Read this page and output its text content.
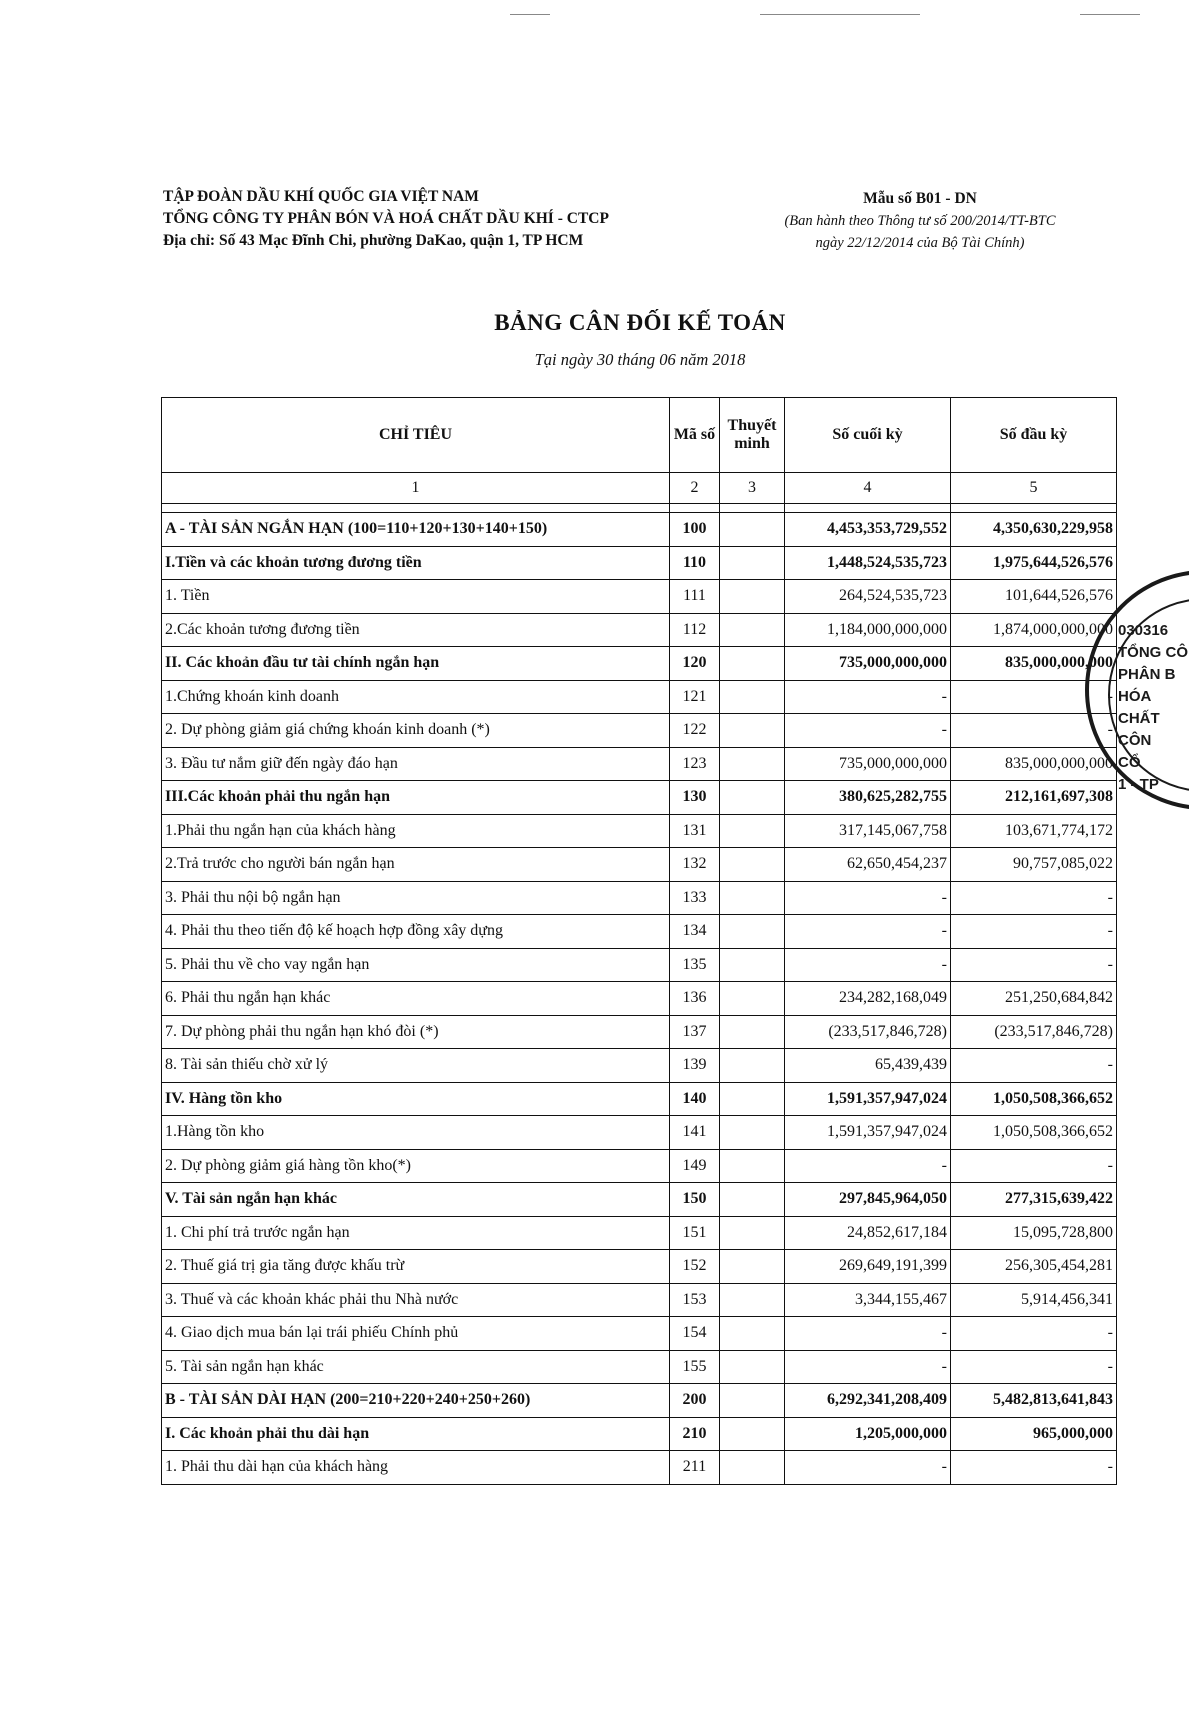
TẬP ĐOÀN DẦU KHÍ QUỐC GIA VIỆT NAM
TỔNG CÔNG TY PHÂN BÓN VÀ HOÁ CHẤT DẦU KHÍ - CTCP
Địa chỉ: Số 43 Mạc Đĩnh Chi, phường DaKao, quận 1, TP HCM
Mẫu số B01 - DN
(Ban hành theo Thông tư số 200/2014/TT-BTC
ngày 22/12/2014 của Bộ Tài Chính)
BẢNG CÂN ĐỐI KẾ TOÁN
Tại ngày 30 tháng 06 năm 2018
CHỈ TIÊU	Mã số	Thuyết minh	Số cuối kỳ	Số đầu kỳ
1	2	3	4	5

A - TÀI SẢN NGẮN HẠN (100=110+120+130+140+150)	100		4,453,353,729,552	4,350,630,229,958
I.Tiền và các khoản tương đương tiền	110		1,448,524,535,723	1,975,644,526,576
1. Tiền	111		264,524,535,723	101,644,526,576
2.Các khoản tương đương tiền	112		1,184,000,000,000	1,874,000,000,000
II. Các khoản đầu tư tài chính ngắn hạn	120		735,000,000,000	835,000,000,000
1.Chứng khoán kinh doanh	121		-	-
2. Dự phòng giảm giá chứng khoán kinh doanh (*)	122		-	-
3. Đầu tư nắm giữ đến ngày đáo hạn	123		735,000,000,000	835,000,000,000
III.Các khoản phải thu ngắn hạn	130		380,625,282,755	212,161,697,308
1.Phải thu ngắn hạn của khách hàng	131		317,145,067,758	103,671,774,172
2.Trả trước cho người bán ngắn hạn	132		62,650,454,237	90,757,085,022
3. Phải thu nội bộ ngắn hạn	133		-	-
4. Phải thu theo tiến độ kế hoạch hợp đồng xây dựng	134		-	-
5. Phải thu về cho vay ngắn hạn	135		-	-
6. Phải thu ngắn hạn khác	136		234,282,168,049	251,250,684,842
7. Dự phòng phải thu ngắn hạn khó đòi (*)	137		(233,517,846,728)	(233,517,846,728)
8. Tài sản thiếu chờ xử lý	139		65,439,439	-
IV. Hàng tồn kho	140		1,591,357,947,024	1,050,508,366,652
1.Hàng tồn kho	141		1,591,357,947,024	1,050,508,366,652
2. Dự phòng giảm giá hàng tồn kho(*)	149		-	-
V. Tài sản ngắn hạn khác	150		297,845,964,050	277,315,639,422
1. Chi phí trả trước ngắn hạn	151		24,852,617,184	15,095,728,800
2. Thuế giá trị gia tăng được khấu trừ	152		269,649,191,399	256,305,454,281
3. Thuế và các khoản khác phải thu Nhà nước	153		3,344,155,467	5,914,456,341
4. Giao dịch mua bán lại trái phiếu Chính phủ	154		-	-
5. Tài sản ngắn hạn khác	155		-	-
B - TÀI SẢN DÀI HẠN (200=210+220+240+250+260)	200		6,292,341,208,409	5,482,813,641,843
I. Các khoản phải thu dài hạn	210		1,205,000,000	965,000,000
1. Phải thu dài hạn của khách hàng	211		-	-
030316
TỔNG CÔ
PHÂN B
HÓA CHẤT
CÔN
CỔ
1 - TP
